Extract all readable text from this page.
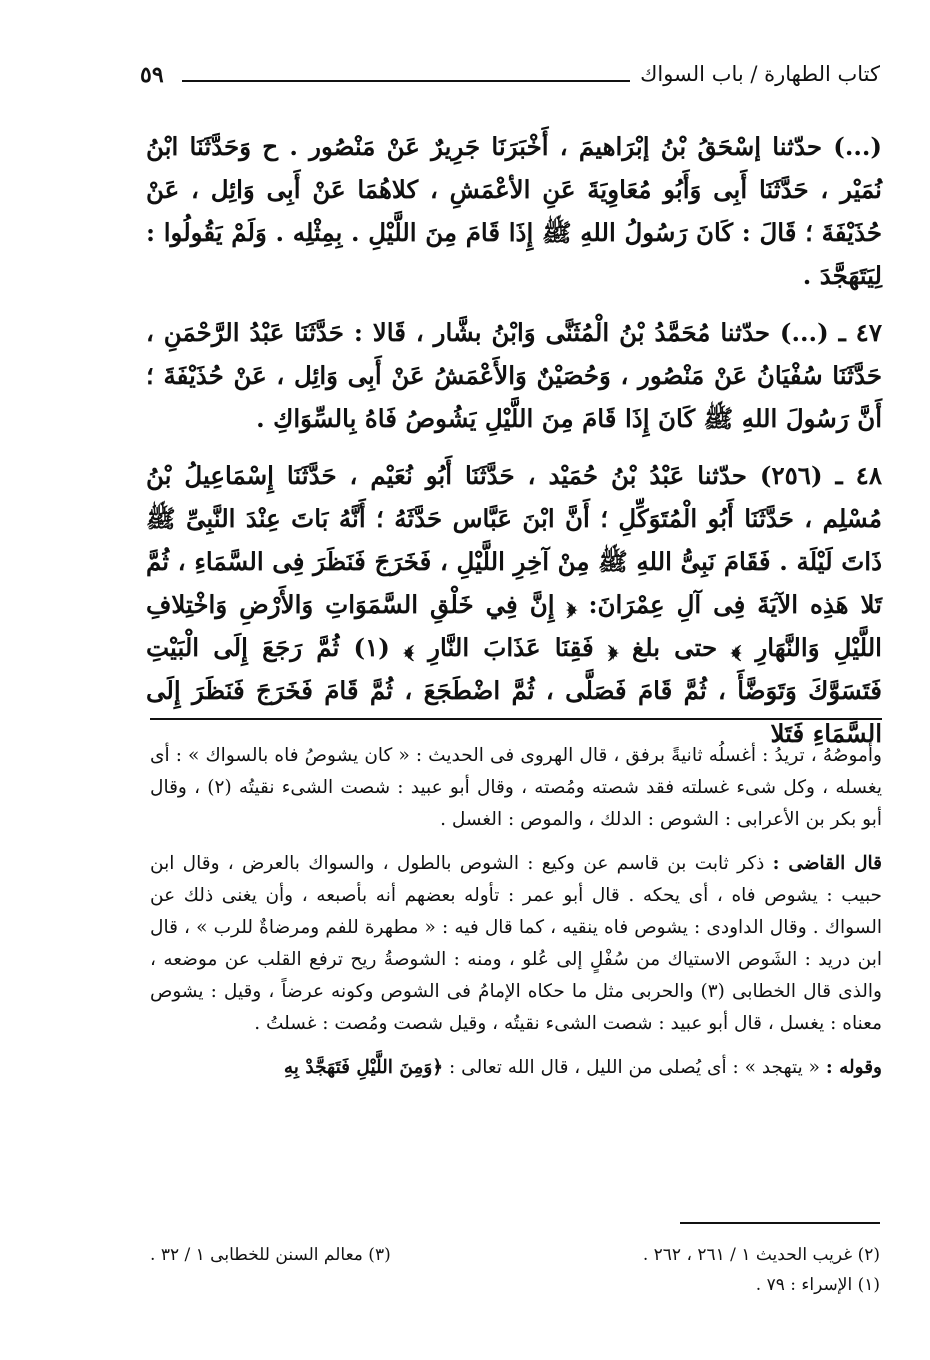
كتاب الطهارة / باب السواك
٥٩

(...) حدّثنا إسْحَقُ بْنُ إبْرَاهيمَ ، أَخْبَرَنَا جَرِيرٌ عَنْ مَنْصُور . ح وَحَدَّثَنَا ابْنُ نُمَيْر ، حَدَّثَنَا أَبِى وَأَبُو مُعَاوِيَةَ عَنِ الأعْمَشِ ، كلاهُمَا عَنْ أَبِى وَائِل ، عَنْ حُذَيْفَةَ ؛ قَالَ : كَانَ رَسُولُ اللهِ ﷺ إِذَا قَامَ مِنَ اللَّيْلِ . بِمِثْلِه . وَلَمْ يَقُولُوا : لِيَتَهَجَّدَ .

٤٧ ـ (...) حدّثنا مُحَمَّدُ بْنُ الْمُثَنَّى وَابْنُ بشَّار ، قَالا : حَدَّثَنَا عَبْدُ الرَّحْمَنِ ، حَدَّثَنَا سُفْيَانُ عَنْ مَنْصُور ، وَحُصَيْنٌ وَالأَعْمَشُ عَنْ أَبِى وَائِل ، عَنْ حُذَيْفَةَ ؛ أَنَّ رَسُولَ اللهِ ﷺ كَانَ إِذَا قَامَ مِنَ اللَّيْلِ يَشُوصُ فَاهُ بِالسِّوَاكِ .

٤٨ ـ (٢٥٦) حدّثنا عَبْدُ بْنُ حُمَيْد ، حَدَّثَنَا أَبُو نُعَيْم ، حَدَّثَنَا إِسْمَاعِيلُ بْنُ مُسْلِم ، حَدَّثَنَا أَبُو الْمُتَوَكِّلِ ؛ أَنَّ ابْنَ عَبَّاس حَدَّثَهُ ؛ أَنَّهُ بَاتَ عِنْدَ النَّبِىِّ ﷺ ذَاتَ لَيْلَة . فَقَامَ نَبِىُّ اللهِ ﷺ مِنْ آخِرِ اللَّيْلِ ، فَخَرَجَ فَنَظَرَ فِى السَّمَاءِ ، ثُمَّ تَلا هَذِه الآيَةَ فِى آلِ عِمْرَانَ: ﴿ إِنَّ فِي خَلْقِ السَّمَوَاتِ وَالأَرْضِ وَاخْتِلافِ اللَّيْلِ وَالنَّهَارِ ﴾ حتى بلغ ﴿ فَقِنَا عَذَابَ النَّارِ ﴾ (١) ثُمَّ رَجَعَ إِلَى الْبَيْتِ فَتَسَوَّكَ وَتَوَضَّأَ ، ثُمَّ قَامَ فَصَلَّى ، ثُمَّ اضْطَجَعَ ، ثُمَّ قَامَ فَخَرَجَ فَنَظَرَ إِلَى السَّمَاءِ فَتَلا

وأموصُهُ ، تريدُ : أغسلُه ثانيةً برفق ، قال الهروى فى الحديث : « كان يشوصُ فاه بالسواك » : أى يغسله ، وكل شىء غسلته فقد شصته ومُصته ، وقال أبو عبيد : شصت الشىء نقيتُه (٢) ، وقال أبو بكر بن الأعرابى : الشوص : الدلك ، والموص : الغسل .

قال القاضى : ذكر ثابت بن قاسم عن وكيع : الشوص بالطول ، والسواك بالعرض ، وقال ابن حبيب : يشوص فاه ، أى يحكه . قال أبو عمر : تأوله بعضهم أنه بأصبعه ، وأن يغنى ذلك عن السواك . وقال الداودى : يشوص فاه ينقيه ، كما قال فيه : « مطهرة للفم ومرضاةٌ للرب » ، قال ابن دريد : الشَوص الاستياك من سُفْلٍ إلى عُلو ، ومنه : الشوصةُ ريح ترفع القلب عن موضعه ، والذى قال الخطابى (٣) والحربى مثل ما حكاه الإمامُ فى الشوص وكونه عرضاً ، وقيل : يشوص معناه : يغسل ، قال أبو عبيد : شصت الشىء نقيتُه ، وقيل شصت ومُصت : غسلتُ .

وقوله : « يتهجد » : أى يُصلى من الليل ، قال الله تعالى : ﴿وَمِنَ اللَّيْلِ فَتَهَجَّدْ بِهِ

(٢) غريب الحديث ١ / ٢٦١ ، ٢٦٢ .
(٣) معالم السنن للخطابى ١ / ٣٢ .
(١) الإسراء : ٧٩ .
